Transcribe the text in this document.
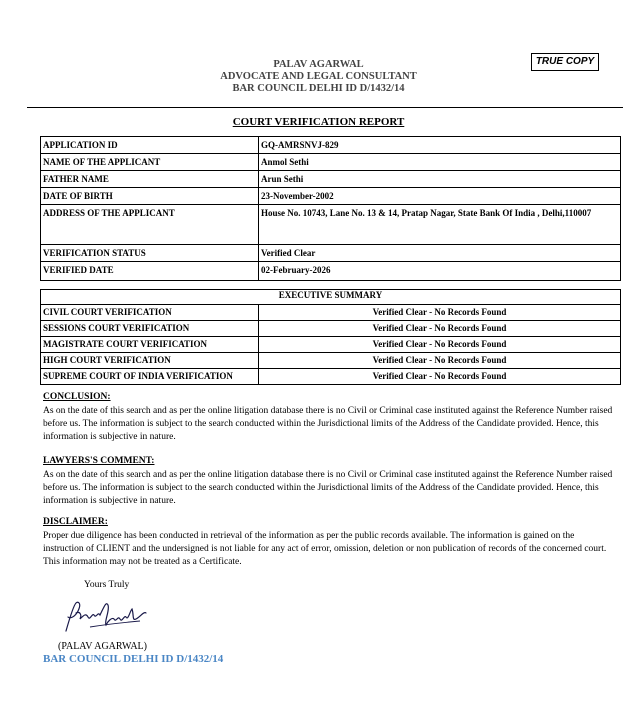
PALAV AGARWAL
ADVOCATE AND LEGAL CONSULTANT
BAR COUNCIL DELHI ID D/1432/14
TRUE COPY
COURT VERIFICATION REPORT
APPLICATION ID	GQ-AMRSNVJ-829
NAME OF THE APPLICANT	Anmol Sethi
FATHER NAME	Arun Sethi
DATE OF BIRTH	23-November-2002
ADDRESS OF THE APPLICANT	House No. 10743, Lane No. 13 & 14, Pratap Nagar, State Bank Of India , Delhi,110007
VERIFICATION STATUS	Verified Clear
VERIFIED DATE	02-February-2026
EXECUTIVE SUMMARY	
CIVIL COURT VERIFICATION	Verified Clear - No Records Found
SESSIONS COURT VERIFICATION	Verified Clear - No Records Found
MAGISTRATE COURT VERIFICATION	Verified Clear - No Records Found
HIGH COURT VERIFICATION	Verified Clear - No Records Found
SUPREME COURT OF INDIA VERIFICATION	Verified Clear - No Records Found
CONCLUSION:
As on the date of this search and as per the online litigation database there is no Civil or Criminal case instituted against the Reference Number raised before us. The information is subject to the search conducted within the Jurisdictional limits of the Address of the Candidate provided. Hence, this information is subjective in nature.
LAWYERS'S COMMENT:
As on the date of this search and as per the online litigation database there is no Civil or Criminal case instituted against the Reference Number raised before us. The information is subject to the search conducted within the Jurisdictional limits of the Address of the Candidate provided. Hence, this information is subjective in nature.
DISCLAIMER:
Proper due diligence has been conducted in retrieval of the information as per the public records available. The information is gained on the instruction of CLIENT and the undersigned is not liable for any act of error, omission, deletion or non publication of records of the concerned court. This information may not be treated as a Certificate.
Yours Truly
(PALAV AGARWAL)
BAR COUNCIL DELHI ID D/1432/14
